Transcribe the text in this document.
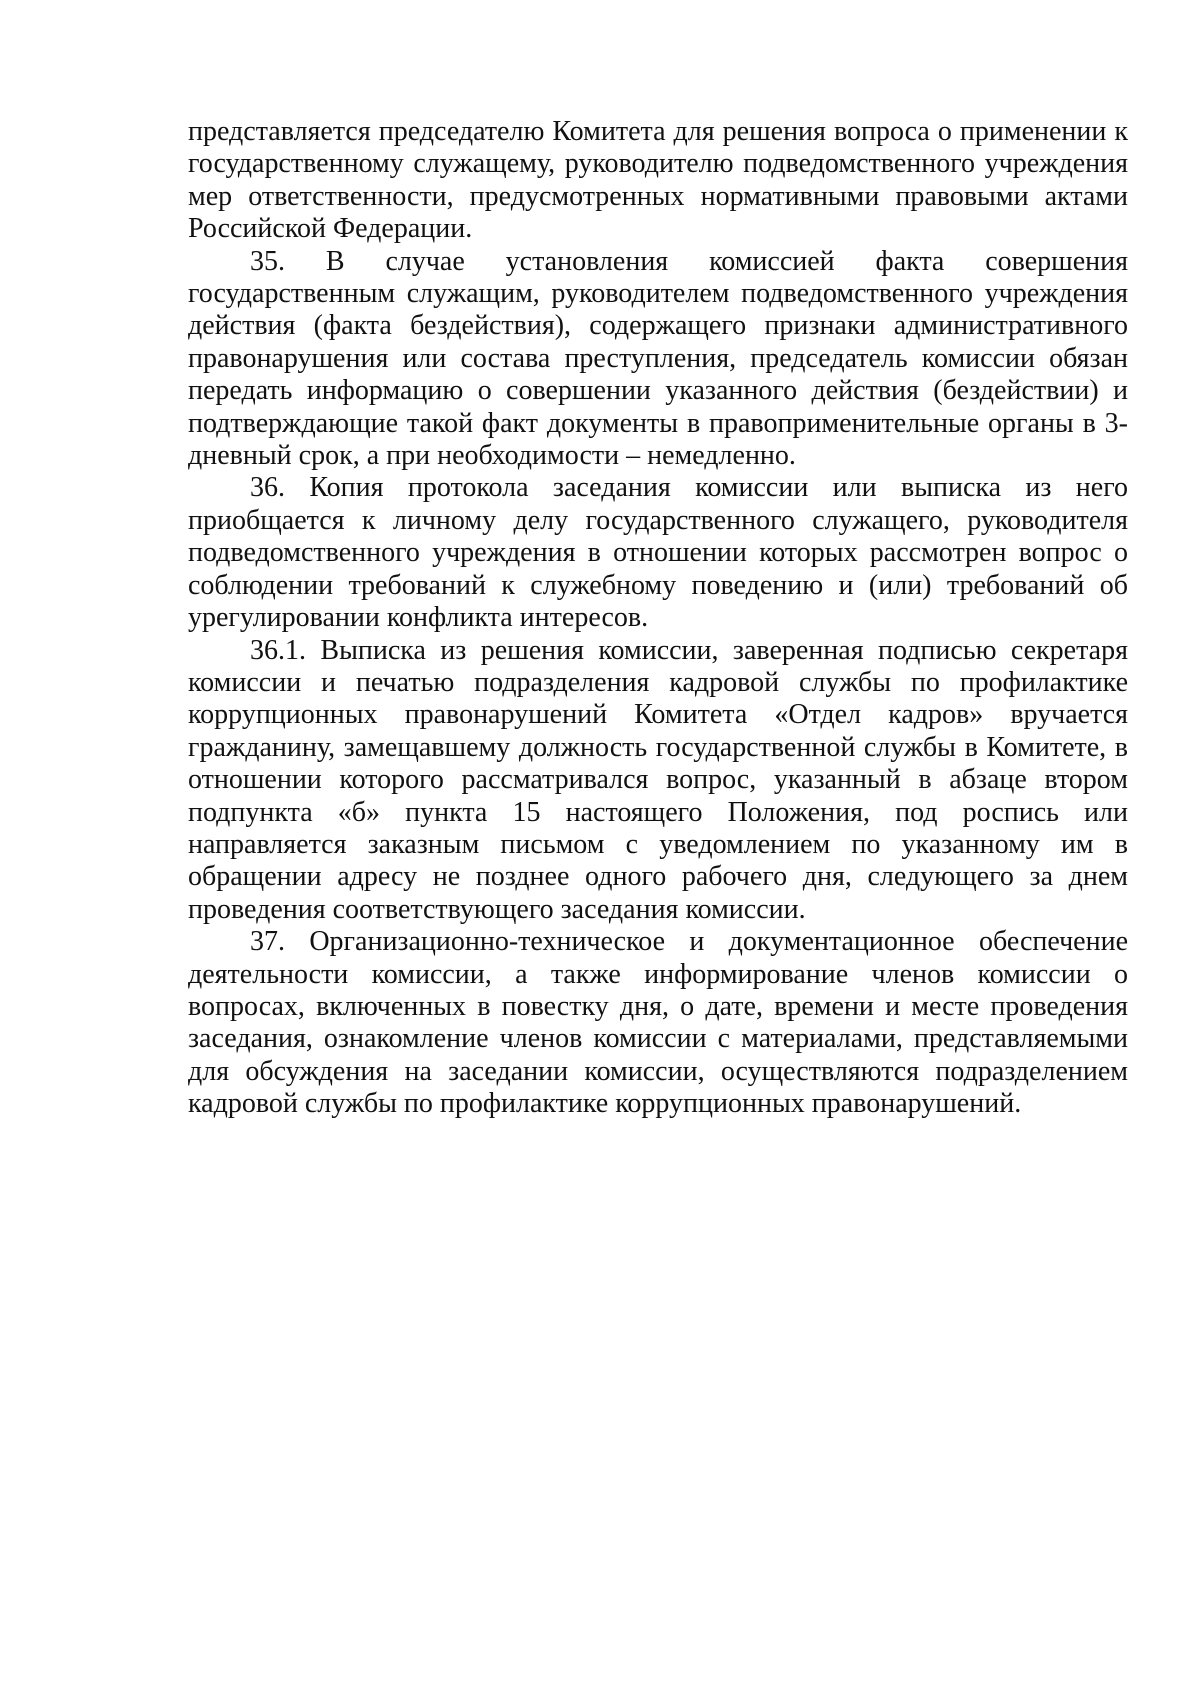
представляется председателю Комитета для решения вопроса о применении к государственному служащему, руководителю подведомственного учреждения мер ответственности, предусмотренных нормативными правовыми актами Российской Федерации.

35. В случае установления комиссией факта совершения государственным служащим, руководителем подведомственного учреждения действия (факта бездействия), содержащего признаки административного правонарушения или состава преступления, председатель комиссии обязан передать информацию о совершении указанного действия (бездействии) и подтверждающие такой факт документы в правоприменительные органы в 3-дневный срок, а при необходимости – немедленно.

36. Копия протокола заседания комиссии или выписка из него приобщается к личному делу государственного служащего, руководителя подведомственного учреждения в отношении которых рассмотрен вопрос о соблюдении требований к служебному поведению и (или) требований об урегулировании конфликта интересов.

36.1. Выписка из решения комиссии, заверенная подписью секретаря комиссии и печатью подразделения кадровой службы по профилактике коррупционных правонарушений Комитета «Отдел кадров» вручается гражданину, замещавшему должность государственной службы в Комитете, в отношении которого рассматривался вопрос, указанный в абзаце втором подпункта «б» пункта 15 настоящего Положения, под роспись или направляется заказным письмом с уведомлением по указанному им в обращении адресу не позднее одного рабочего дня, следующего за днем проведения соответствующего заседания комиссии.

37. Организационно-техническое и документационное обеспечение деятельности комиссии, а также информирование членов комиссии о вопросах, включенных в повестку дня, о дате, времени и месте проведения заседания, ознакомление членов комиссии с материалами, представляемыми для обсуждения на заседании комиссии, осуществляются подразделением кадровой службы по профилактике коррупционных правонарушений.
